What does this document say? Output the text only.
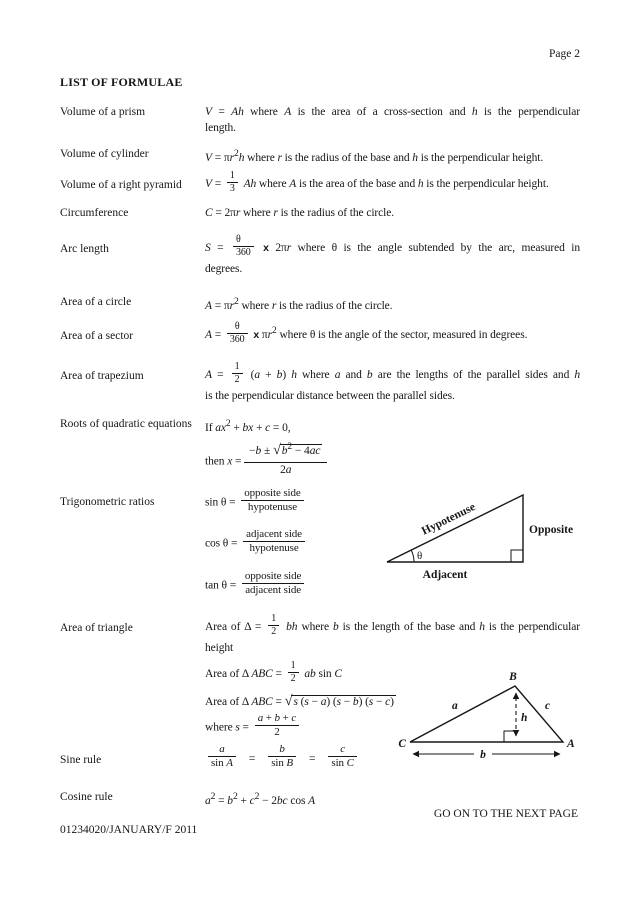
Page 2
LIST OF FORMULAE
Volume of a prism	V = Ah where A is the area of a cross-section and h is the perpendicular
length.
Volume of cylinder	$V = \pi r^2h$ where r is the radius of the base and h is the perpendicular height.
Volume of a right pyramid	$V = \frac{1}{3}$ Ah where A is the area of the base and h is the perpendicular height.
Circumference	C = 2πr where r is the radius of the circle.
Arc length	$S = \frac{\theta}{360}$ x 2πr where θ is the angle subtended by the arc, measured in
degrees.
Area of a circle	$A = \pi r^2$ where r is the radius of the circle.
Area of a sector	$A = \frac{\theta}{360}$ x $\pi r^2$ where θ is the angle of the sector, measured in degrees.
Area of trapezium	$A = \frac{1}{2} (a + b)$ h where a and b are the lengths of the parallel sides and h
is the perpendicular distance between the parallel sides.
Roots of quadratic equations	If $ax^2$ + bx + c = 0,
then $x = \frac{-b \pm √b^2 - 4ac}{2a}$
Trigonometric ratios	$\sin \theta = \frac{\text{opposite side}}{\text{hypotenuse}}$
$\cos \theta = \frac{\text{adjacent side}}{\text{hypotenuse}}$
$\tan \theta = \frac{\text{opposite side}}{\text{adjacent side}}$
Area of triangle	Area of $\Delta = \frac{1}{2}$ bh where b is the length of the base and h is the perpendicular
height
Area of Δ ABC = $\frac{1}{2}$ ab sin C
Area of Δ ABC = √s (s − a) (s − b) (s − c)
where $s = \frac{a + b + c}{2}$
Sine rule	$\frac{a}{\text{sin A}} = \frac{b}{\text{sin B}} = \frac{c}{\text{sin C}}$
Cosine rule	$a^2 = b^2 + c^2 - 2bc$ cos A
θ
Hypotenuse	Opposite
Adjacent
B
C	A
a	c
h
b
GO ON TO THE NEXT PAGE
01234020/JANUARY/F 2011
